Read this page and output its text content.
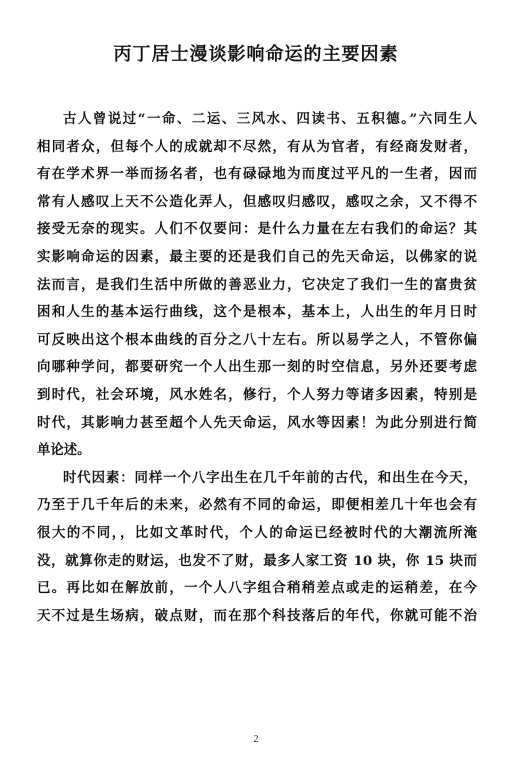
丙丁居士漫谈影响命运的主要因素
古人曾说过“一命、二运、三风水、四读书、五积德。”六同生人
相同者众，但每个人的成就却不尽然，有从为官者，有经商发财者，
有在学术界一举而扬名者，也有碌碌地为而度过平凡的一生者，因而
常有人感叹上天不公造化弄人，但感叹归感叹，感叹之余，又不得不
接受无奈的现实。人们不仅要问：是什么力量在左右我们的命运？其
实影响命运的因素，最主要的还是我们自己的先天命运，以佛家的说
法而言，是我们生活中所做的善恶业力，它决定了我们一生的富贵贫
困和人生的基本运行曲线，这个是根本，基本上，人出生的年月日时
可反映出这个根本曲线的百分之八十左右。所以易学之人，不管你偏
向哪种学问，都要研究一个人出生那一刻的时空信息，另外还要考虑
到时代，社会环境，风水姓名，修行，个人努力等诸多因素，特别是
时代，其影响力甚至超个人先天命运，风水等因素！为此分别进行简
单论述。
时代因素：同样一个八字出生在几千年前的古代，和出生在今天，
乃至于几千年后的未来，必然有不同的命运，即便相差几十年也会有
很大的不同，，比如文革时代，个人的命运已经被时代的大潮流所淹
没，就算你走的财运，也发不了财，最多人家工资 10 块，你 15 块而
已。再比如在解放前，一个人八字组合稍稍差点或走的运稍差，在今
天不过是生场病，破点财，而在那个科技落后的年代，你就可能不治
2
